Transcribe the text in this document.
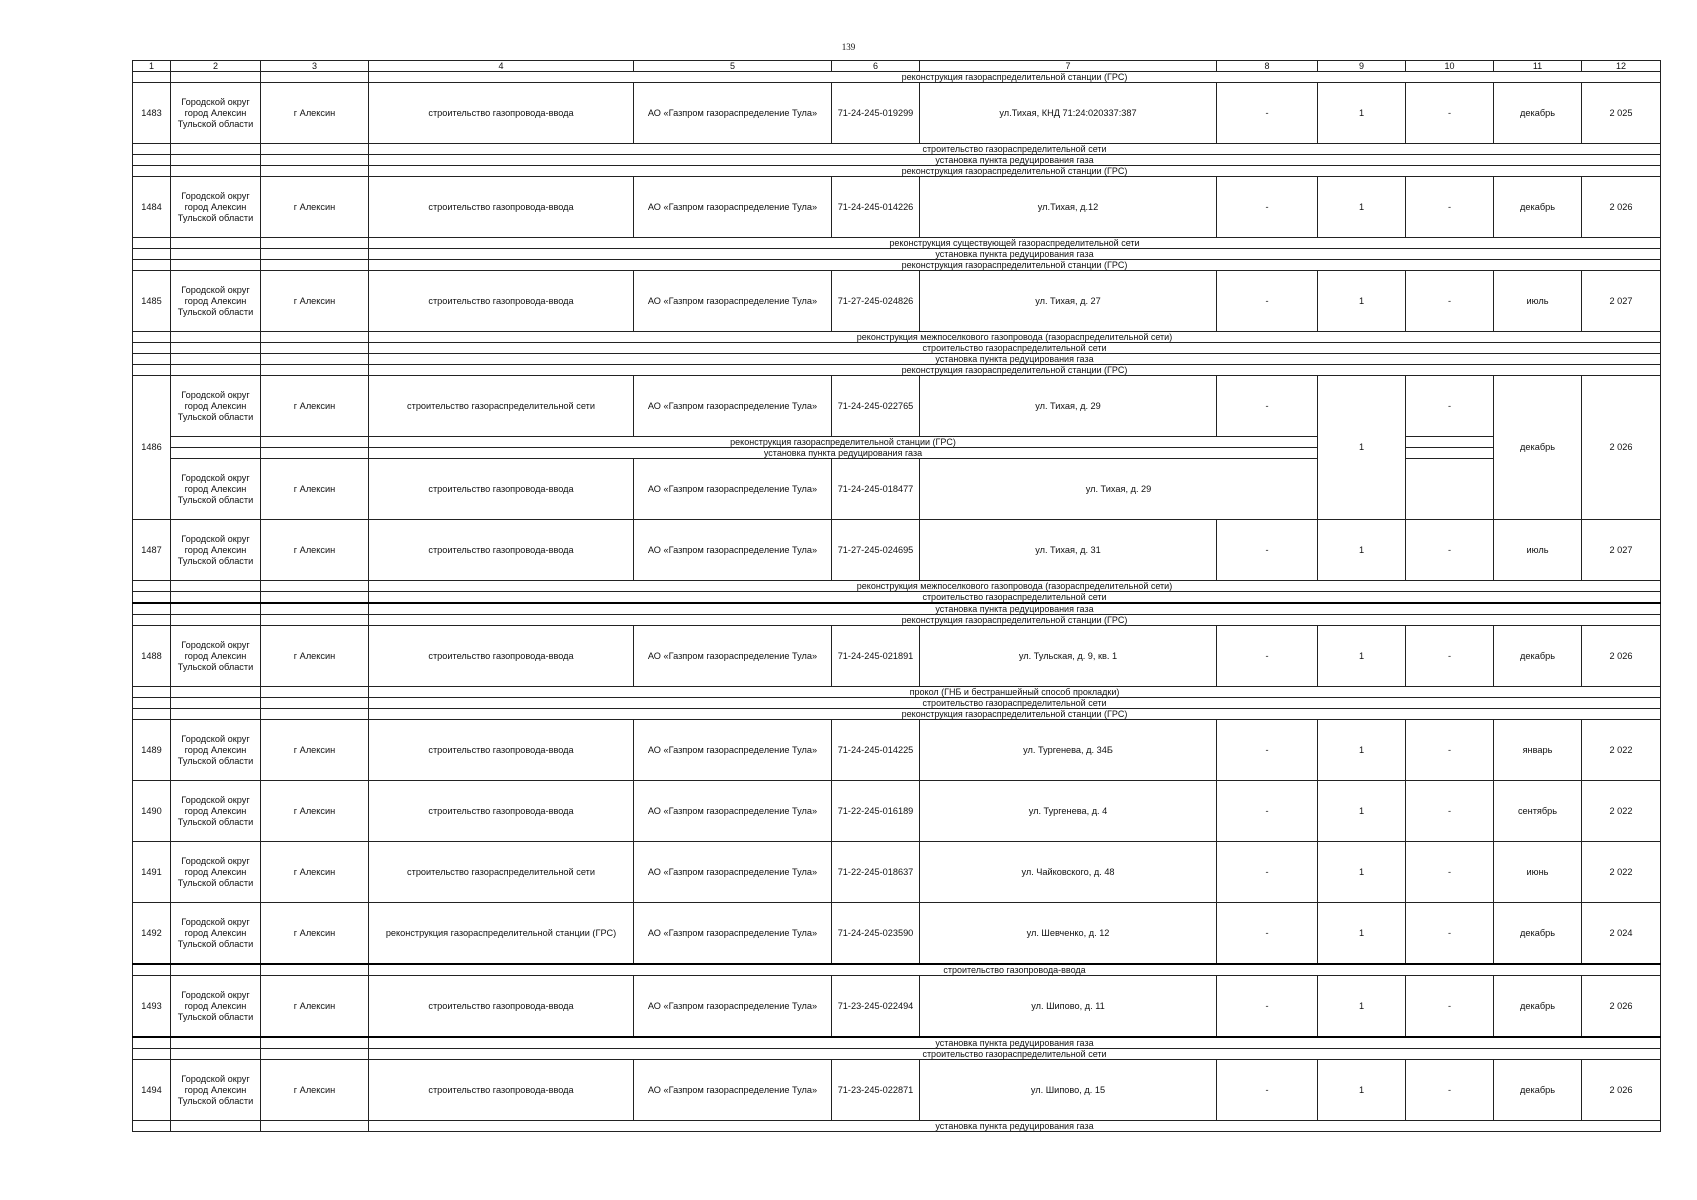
139
1	2	3	4	5	6	7	8	9	10	11	12	
			реконструкция газораспределительной станции (ГРС)									
1483	Городской округ город Алексин Тульской области	г Алексин	строительство газопровода-ввода	АО «Газпром газораспределение Тула»	71-24-245-019299	ул.Тихая, КНД 71:24:020337:387	-	1	-	декабрь	2 025	
			строительство газораспределительной сети									
			установка пункта редуцирования газа									
			реконструкция газораспределительной станции (ГРС)									
1484	Городской округ город Алексин Тульской области	г Алексин	строительство газопровода-ввода	АО «Газпром газораспределение Тула»	71-24-245-014226	ул.Тихая, д.12	-	1	-	декабрь	2 026	
			реконструкция существующей газораспределительной сети									
			установка пункта редуцирования газа									
			реконструкция газораспределительной станции (ГРС)									
1485	Городской округ город Алексин Тульской области	г Алексин	строительство газопровода-ввода	АО «Газпром газораспределение Тула»	71-27-245-024826	ул. Тихая, д. 27	-	1	-	июль	2 027	
			реконструкция межпоселкового газопровода (газораспределительной сети)									
			строительство газораспределительной сети									
			установка пункта редуцирования газа									
			реконструкция газораспределительной станции (ГРС)									
1486	Городской округ город Алексин Тульской области	г Алексин	строительство газораспределительной сети	АО «Газпром газораспределение Тула»	71-24-245-022765	ул. Тихая, д. 29	-	1	-	декабрь	2 026	
			реконструкция газораспределительной станции (ГРС)									
			установка пункта редуцирования газа									
	Городской округ город Алексин Тульской области	г Алексин	строительство газопровода-ввода	АО «Газпром газораспределение Тула»	71-24-245-018477	ул. Тихая, д. 29						
1487	Городской округ город Алексин Тульской области	г Алексин	строительство газопровода-ввода	АО «Газпром газораспределение Тула»	71-27-245-024695	ул. Тихая, д. 31	-	1	-	июль	2 027	
			реконструкция межпоселкового газопровода (газораспределительной сети)									
			строительство газораспределительной сети									
			установка пункта редуцирования газа									
			реконструкция газораспределительной станции (ГРС)									
1488	Городской округ город Алексин Тульской области	г Алексин	строительство газопровода-ввода	АО «Газпром газораспределение Тула»	71-24-245-021891	ул. Тульская, д. 9, кв. 1	-	1	-	декабрь	2 026	
			прокол (ГНБ и бестраншейный способ прокладки)									
			строительство газораспределительной сети									
			реконструкция газораспределительной станции (ГРС)									
1489	Городской округ город Алексин Тульской области	г Алексин	строительство газопровода-ввода	АО «Газпром газораспределение Тула»	71-24-245-014225	ул. Тургенева, д. 34Б	-	1	-	январь	2 022	
1490	Городской округ город Алексин Тульской области	г Алексин	строительство газопровода-ввода	АО «Газпром газораспределение Тула»	71-22-245-016189	ул. Тургенева, д. 4	-	1	-	сентябрь	2 022	
1491	Городской округ город Алексин Тульской области	г Алексин	строительство газораспределительной сети	АО «Газпром газораспределение Тула»	71-22-245-018637	ул. Чайковского, д. 48	-	1	-	июнь	2 022	
1492	Городской округ город Алексин Тульской области	г Алексин	реконструкция газораспределительной станции (ГРС)	АО «Газпром газораспределение Тула»	71-24-245-023590	ул. Шевченко, д. 12	-	1	-	декабрь	2 024	
			строительство газопровода-ввода									
1493	Городской округ город Алексин Тульской области	г Алексин	строительство газопровода-ввода	АО «Газпром газораспределение Тула»	71-23-245-022494	ул. Шипово, д. 11	-	1	-	декабрь	2 026	
			установка пункта редуцирования газа									
			строительство газораспределительной сети									
1494	Городской округ город Алексин Тульской области	г Алексин	строительство газопровода-ввода	АО «Газпром газораспределение Тула»	71-23-245-022871	ул. Шипово, д. 15	-	1	-	декабрь	2 026	
			установка пункта редуцирования газа									
